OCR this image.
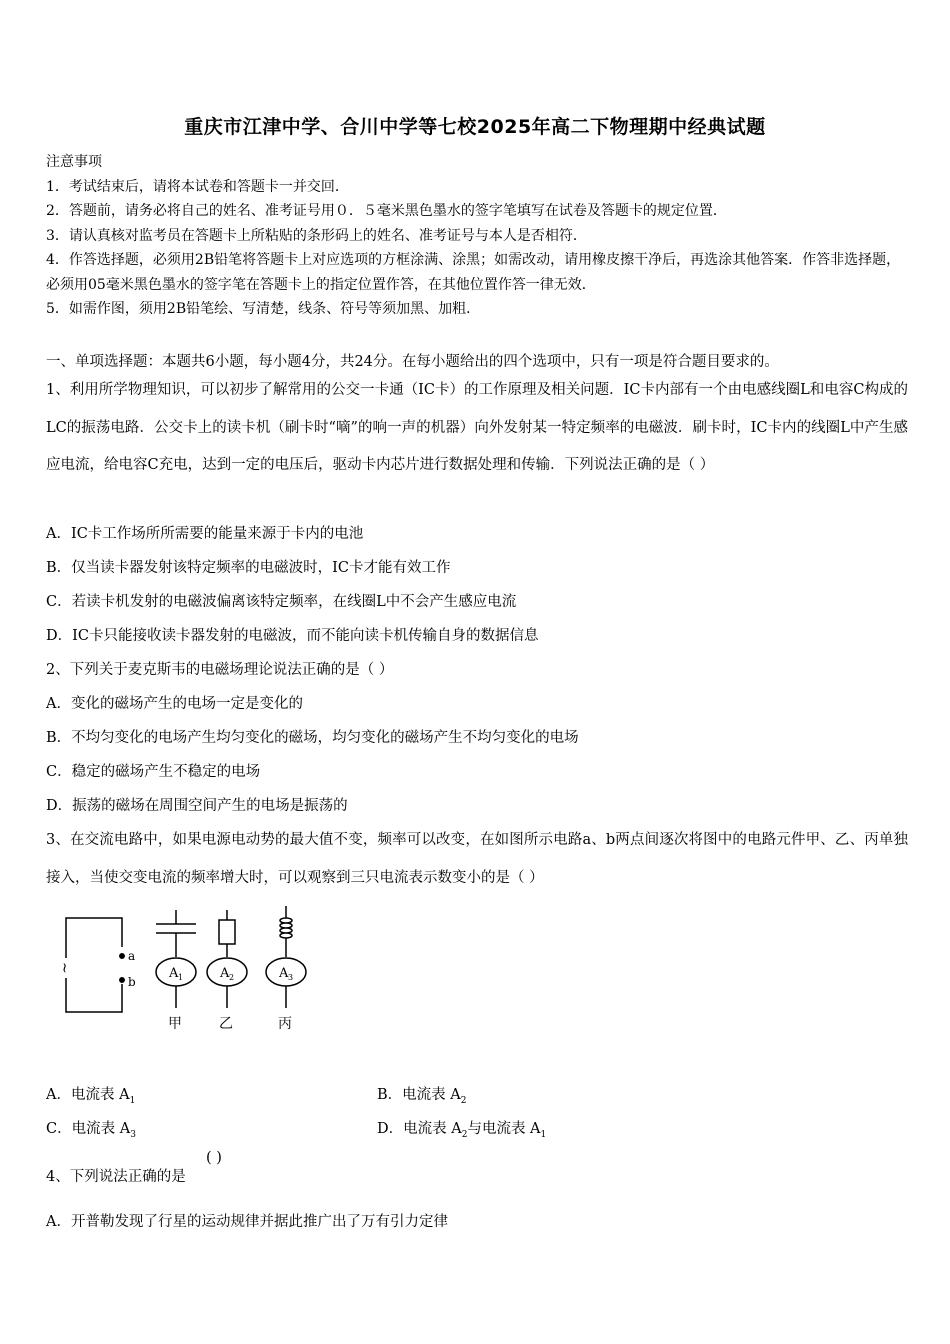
重庆市江津中学、合川中学等七校2025年高二下物理期中经典试题
注意事项
1．考试结束后，请将本试卷和答题卡一并交回．
2．答题前，请务必将自己的姓名、准考证号用０．５毫米黑色墨水的签字笔填写在试卷及答题卡的规定位置．
3．请认真核对监考员在答题卡上所粘贴的条形码上的姓名、准考证号与本人是否相符．
4．作答选择题，必须用2B铅笔将答题卡上对应选项的方框涂满、涂黑；如需改动，请用橡皮擦干净后，再选涂其他答案．作答非选择题，必须用05毫米黑色墨水的签字笔在答题卡上的指定位置作答，在其他位置作答一律无效．
5．如需作图，须用2B铅笔绘、写清楚，线条、符号等须加黑、加粗．
一、单项选择题：本题共6小题，每小题4分，共24分。在每小题给出的四个选项中，只有一项是符合题目要求的。
1、利用所学物理知识，可以初步了解常用的公交一卡通（IC卡）的工作原理及相关问题．IC卡内部有一个由电感线圈L和电容C构成的LC的振荡电路．公交卡上的读卡机（刷卡时“嘀”的响一声的机器）向外发射某一特定频率的电磁波．刷卡时，IC卡内的线圈L中产生感应电流，给电容C充电，达到一定的电压后，驱动卡内芯片进行数据处理和传输．下列说法正确的是（ ）
A．IC卡工作场所所需要的能量来源于卡内的电池
B．仅当读卡器发射该特定频率的电磁波时，IC卡才能有效工作
C．若读卡机发射的电磁波偏离该特定频率，在线圈L中不会产生感应电流
D．IC卡只能接收读卡器发射的电磁波，而不能向读卡机传输自身的数据信息
2、下列关于麦克斯韦的电磁场理论说法正确的是（ ）
A．变化的磁场产生的电场一定是变化的
B．不均匀变化的电场产生均匀变化的磁场，均匀变化的磁场产生不均匀变化的电场
C．稳定的磁场产生不稳定的电场
D．振荡的磁场在周围空间产生的电场是振荡的
3、在交流电路中，如果电源电动势的最大值不变，频率可以改变，在如图所示电路a、b两点间逐次将图中的电路元件甲、乙、丙单独接入，当使交变电流的频率增大时，可以观察到三只电流表示数变小的是（ ）
~
a
b
A 1	A 2	A 3
甲	乙	丙
A．电流表 $A_1$	B．电流表 $A_2$
C．电流表 $A_3$	D．电流表 $A_2$与电流表 $A_1$
4、下列说法正确的是
( )
A．开普勒发现了行星的运动规律并据此推广出了万有引力定律
